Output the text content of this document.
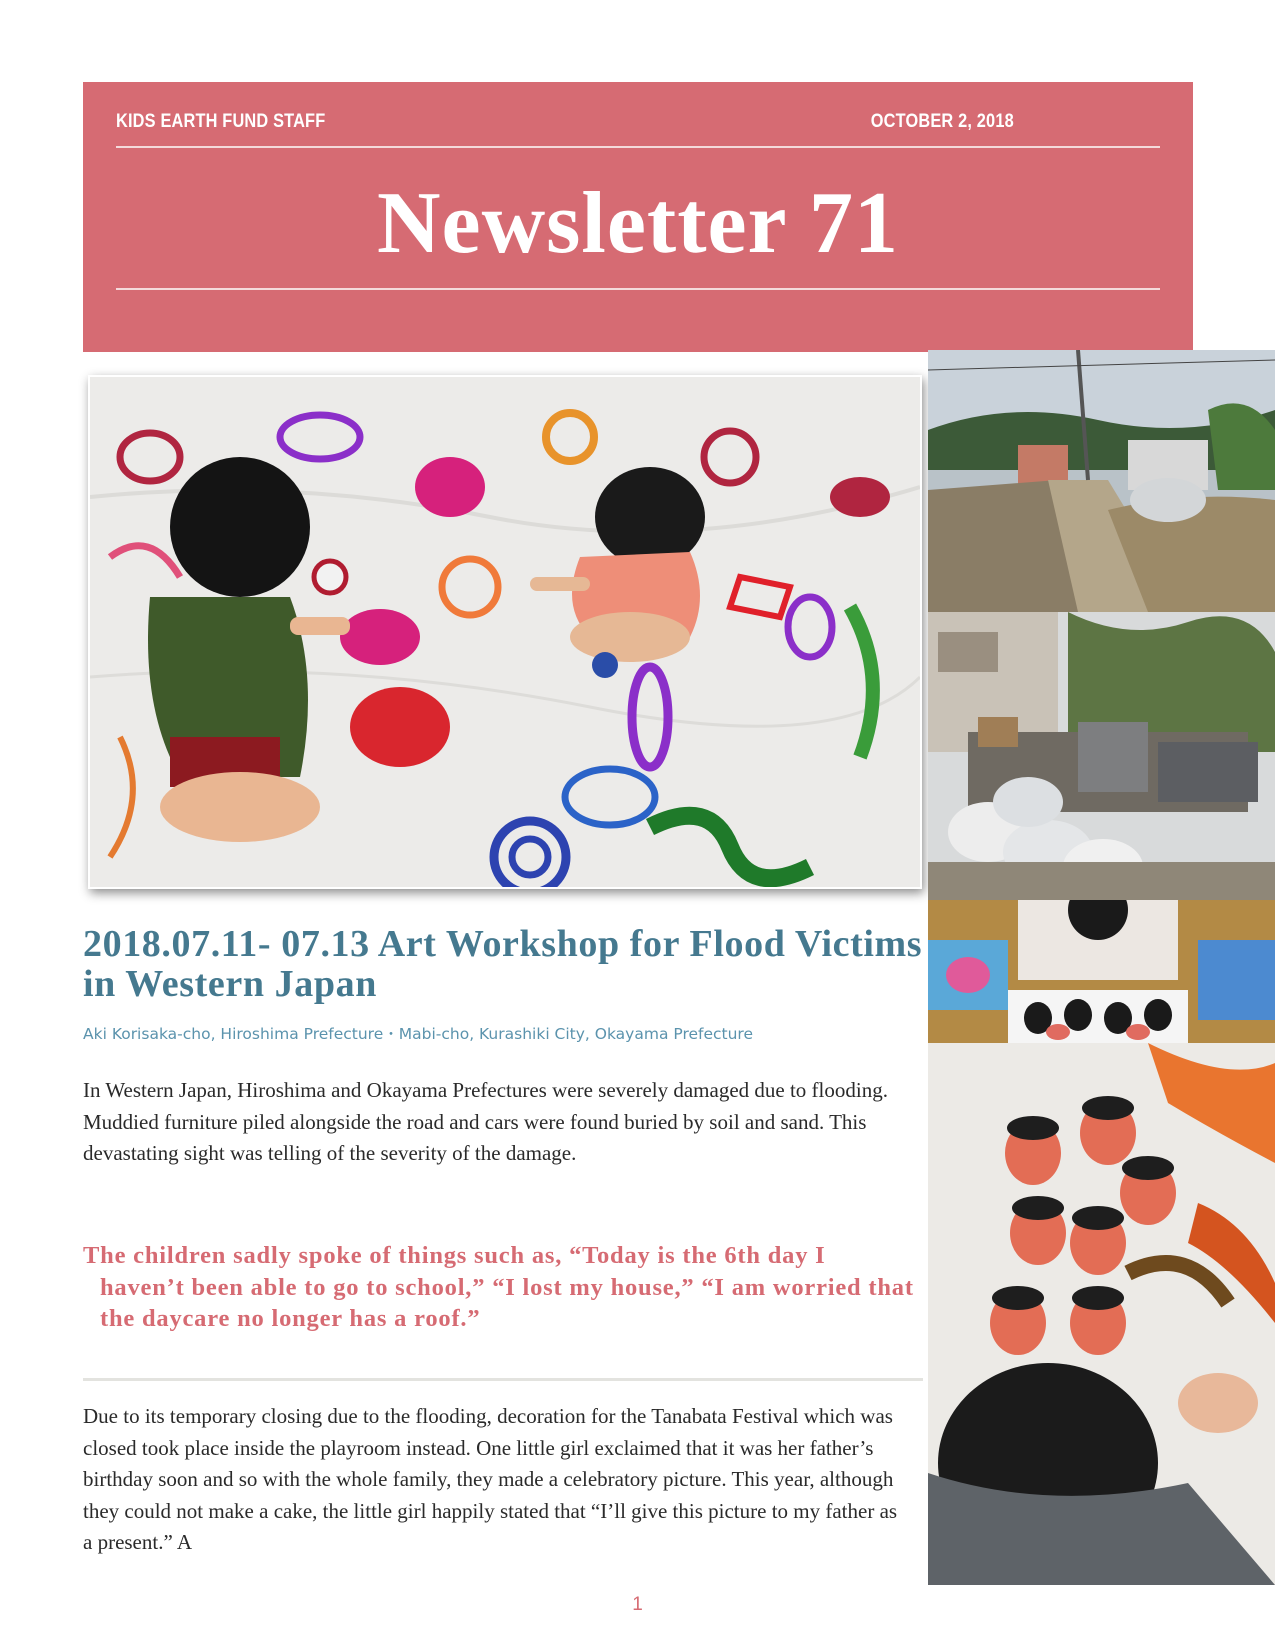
KIDS EARTH FUND STAFF	OCTOBER 2, 2018
Newsletter 71
2018.07.11- 07.13 Art Workshop for Flood Victims in Western Japan
Aki Korisaka-cho, Hiroshima Prefecture・Mabi-cho, Kurashiki City, Okayama Prefecture

In Western Japan, Hiroshima and Okayama Prefectures were severely damaged due to flooding. Muddied furniture piled alongside the road and cars were found buried by soil and sand. This devastating sight was telling of the severity of the damage.

The children sadly spoke of things such as, “Today is the 6th day I haven’t been able to go to school,” “I lost my house,” “I am worried that the daycare no longer has a roof.”

Due to its temporary closing due to the flooding, decoration for the Tanabata Festival which was closed took place inside the playroom instead. One little girl exclaimed that it was her father’s birthday soon and so with the whole family, they made a celebratory picture. This year, although they could not make a cake, the little girl happily stated that “I’ll give this picture to my father as a present.” A

1
